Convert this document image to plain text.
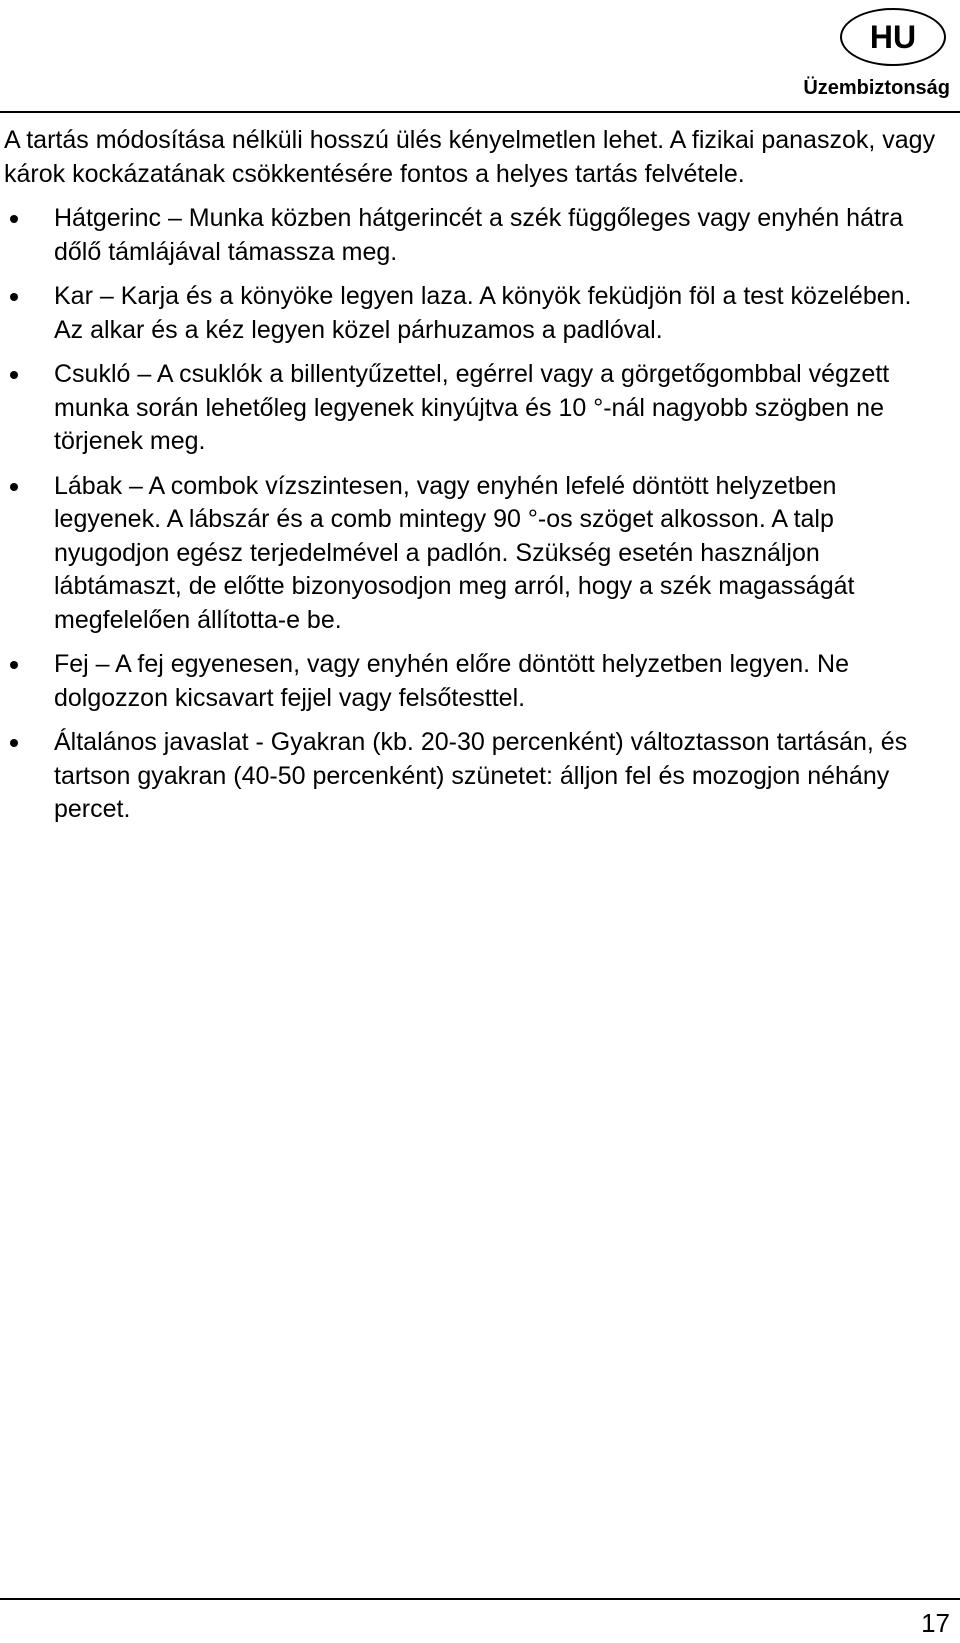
HU
Üzembiztonság

A tartás módosítása nélküli hosszú ülés kényelmetlen lehet. A fizikai panaszok, vagy károk kockázatának csökkentésére fontos a helyes tartás felvétele.

Hátgerinc – Munka közben hátgerincét a szék függőleges vagy enyhén hátra dőlő támlájával támassza meg.
Kar – Karja és a könyöke legyen laza. A könyök feküdjön föl a test közelében. Az alkar és a kéz legyen közel párhuzamos a padlóval.
Csukló – A csuklók a billentyűzettel, egérrel vagy a görgetőgombbal végzett munka során lehetőleg legyenek kinyújtva és 10 °-nál nagyobb szögben ne törjenek meg.
Lábak – A combok vízszintesen, vagy enyhén lefelé döntött helyzetben legyenek. A lábszár és a comb mintegy 90 °-os szöget alkosson. A talp nyugodjon egész terjedelmével a padlón. Szükség esetén használjon lábtámaszt, de előtte bizonyosodjon meg arról, hogy a szék magasságát megfelelően állította-e be.
Fej – A fej egyenesen, vagy enyhén előre döntött helyzetben legyen. Ne dolgozzon kicsavart fejjel vagy felsőtesttel.
Általános javaslat - Gyakran (kb. 20-30 percenként) változtasson tartásán, és tartson gyakran (40-50 percenként) szünetet: álljon fel és mozogjon néhány percet.
17
